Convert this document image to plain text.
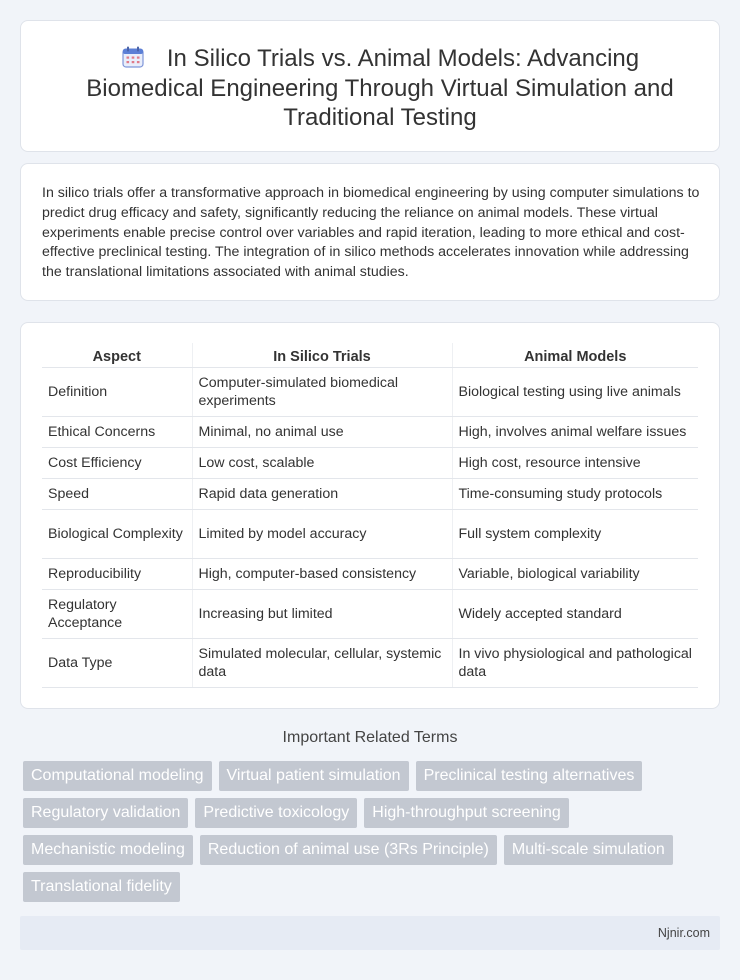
In Silico Trials vs. Animal Models: Advancing Biomedical Engineering Through Virtual Simulation and Traditional Testing

In silico trials offer a transformative approach in biomedical engineering by using computer simulations to predict drug efficacy and safety, significantly reducing the reliance on animal models. These virtual experiments enable precise control over variables and rapid iteration, leading to more ethical and cost-effective preclinical testing. The integration of in silico methods accelerates innovation while addressing the translational limitations associated with animal studies.

Aspect	In Silico Trials	Animal Models
Definition	Computer-simulated biomedical experiments	Biological testing using live animals
Ethical Concerns	Minimal, no animal use	High, involves animal welfare issues
Cost Efficiency	Low cost, scalable	High cost, resource intensive
Speed	Rapid data generation	Time-consuming study protocols
Biological Complexity	Limited by model accuracy	Full system complexity
Reproducibility	High, computer-based consistency	Variable, biological variability
Regulatory Acceptance	Increasing but limited	Widely accepted standard
Data Type	Simulated molecular, cellular, systemic data	In vivo physiological and pathological data
Important Related Terms
Computational modeling	Virtual patient simulation	Preclinical testing alternatives
Regulatory validation	Predictive toxicology	High-throughput screening
Mechanistic modeling	Reduction of animal use (3Rs Principle)	Multi-scale simulation
Translational fidelity
Njnir.com
